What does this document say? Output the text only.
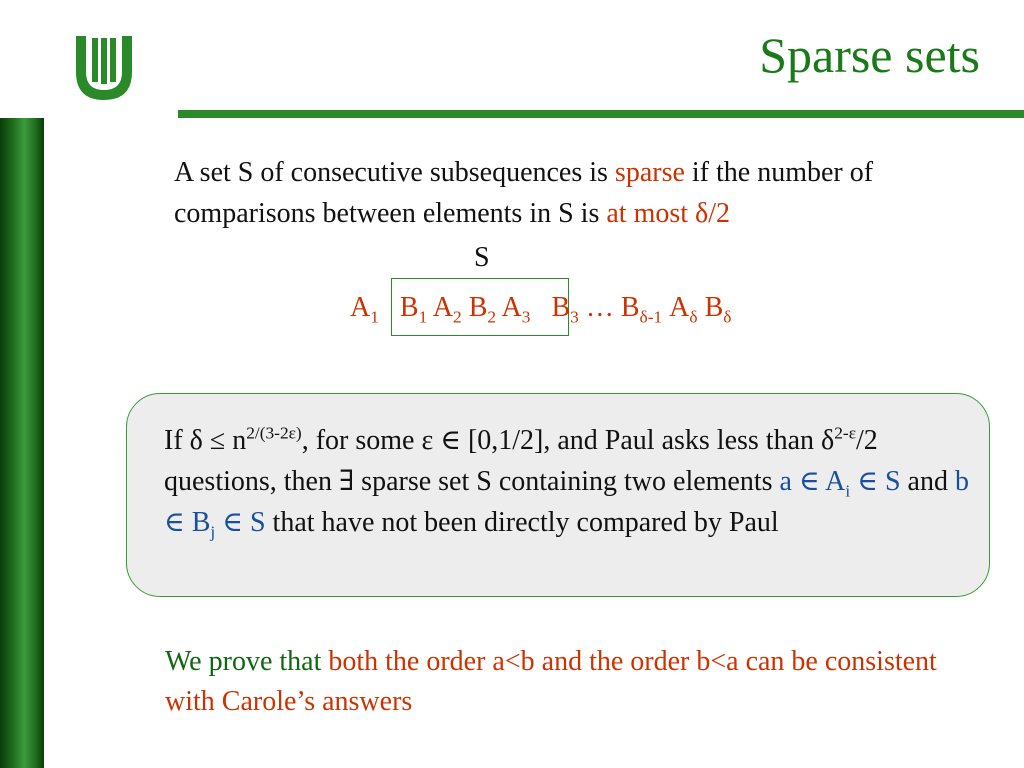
Sparse sets
A set S of consecutive subsequences is sparse if the number of comparisons between elements in S is at most δ/2
S
$A_1$ $B_1$ $A_2$ $B_2$ $A_3$ $B_3$ … $B_{\delta-1}$ $A_\delta$ $B_\delta$
If $\delta \le n^{2/(3-2\varepsilon)}$, for some ε ∈ [0,1/2], and Paul asks less than $\delta^{2-\varepsilon}/2$ questions, then ∃ sparse set S containing two elements a ∈ $A_i$ ∈ S and b ∈ $B_j$ ∈ S that have not been directly compared by Paul
We prove that both the order a<b and the order b<a can be consistent with Carole’s answers
